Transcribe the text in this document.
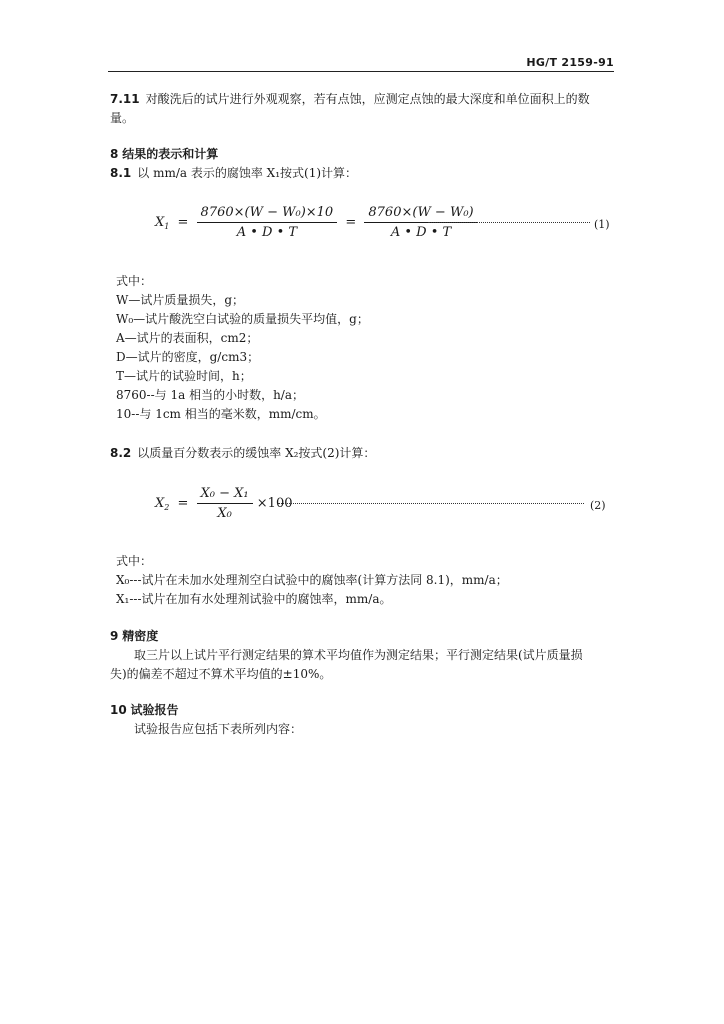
HG/T 2159-91
7.11 对酸洗后的试片进行外观观察，若有点蚀，应测定点蚀的最大深度和单位面积上的数
量。
8 结果的表示和计算
8.1 以 mm/a 表示的腐蚀率 X₁按式(1)计算：
$X_1 = \frac{\text{8760×(W − W₀)×10}}{A • D • T} = \frac{\text{8760×(W − W₀)}}{A • D • T}$	(1)
式中：
W—试片质量损失，g；
W₀—试片酸洗空白试验的质量损失平均值，g；
A—试片的表面积，cm2；
D—试片的密度，g/cm3；
T—试片的试验时间，h；
8760--与 1a 相当的小时数，h/a；
10--与 1cm 相当的毫米数，mm/cm。
8.2 以质量百分数表示的缓蚀率 X₂按式(2)计算：
$X_2 = \frac{\text{X₀ − X₁}}{\text{X₀}} \times 100$	(2)
式中：
X₀---试片在未加水处理剂空白试验中的腐蚀率(计算方法同 8.1)，mm/a；
X₁---试片在加有水处理剂试验中的腐蚀率，mm/a。
9 精密度
取三片以上试片平行测定结果的算术平均值作为测定结果；平行测定结果(试片质量损
失)的偏差不超过不算术平均值的±10%。
10 试验报告
试验报告应包括下表所列内容：
